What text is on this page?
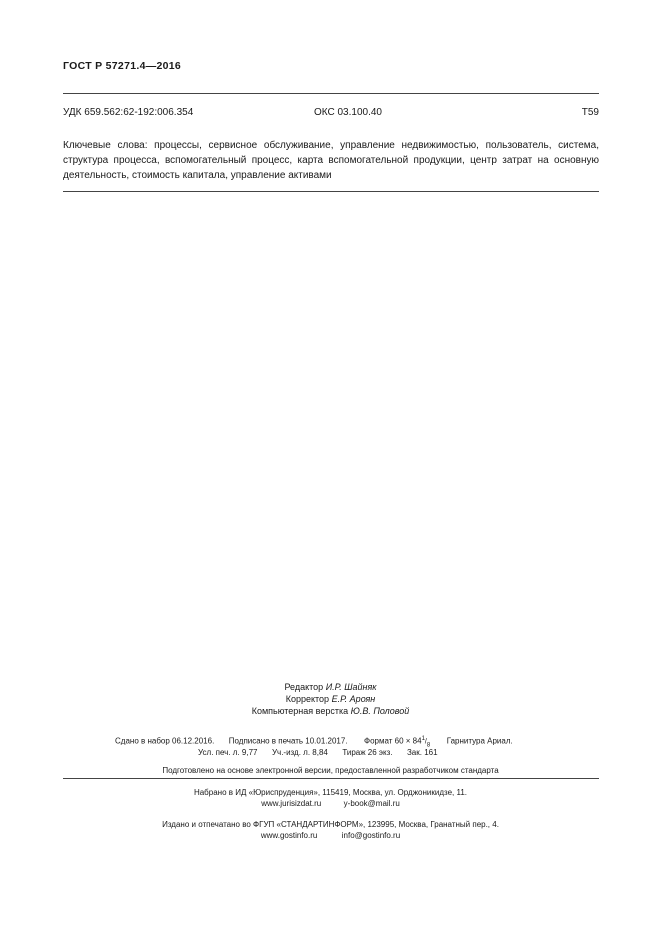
ГОСТ Р 57271.4—2016
УДК 659.562:62-192:006.354	ОКС 03.100.40	Т59
Ключевые слова: процессы, сервисное обслуживание, управление недвижимостью, пользователь, система, структура процесса, вспомогательный процесс, карта вспомогательной продукции, центр затрат на основную деятельность, стоимость капитала, управление активами
Редактор И.Р. Шайняк
Корректор Е.Р. Ароян
Компьютерная верстка Ю.В. Половой
Сдано в набор 06.12.2016. Подписано в печать 10.01.2017. Формат $60 \times 84^1/_8$ Гарнитура Ариал.
Усл. печ. л. 9,77 Уч.-изд. л. 8,84 Тираж 26 экз. Зак. 161
Подготовлено на основе электронной версии, предоставленной разработчиком стандарта
Набрано в ИД «Юриспруденция», 115419, Москва, ул. Орджоникидзе, 11.
www.jurisizdat.ru	y-book@mail.ru
Издано и отпечатано во ФГУП «СТАНДАРТИНФОРМ», 123995, Москва, Гранатный пер., 4.
www.gostinfo.ru	info@gostinfo.ru
